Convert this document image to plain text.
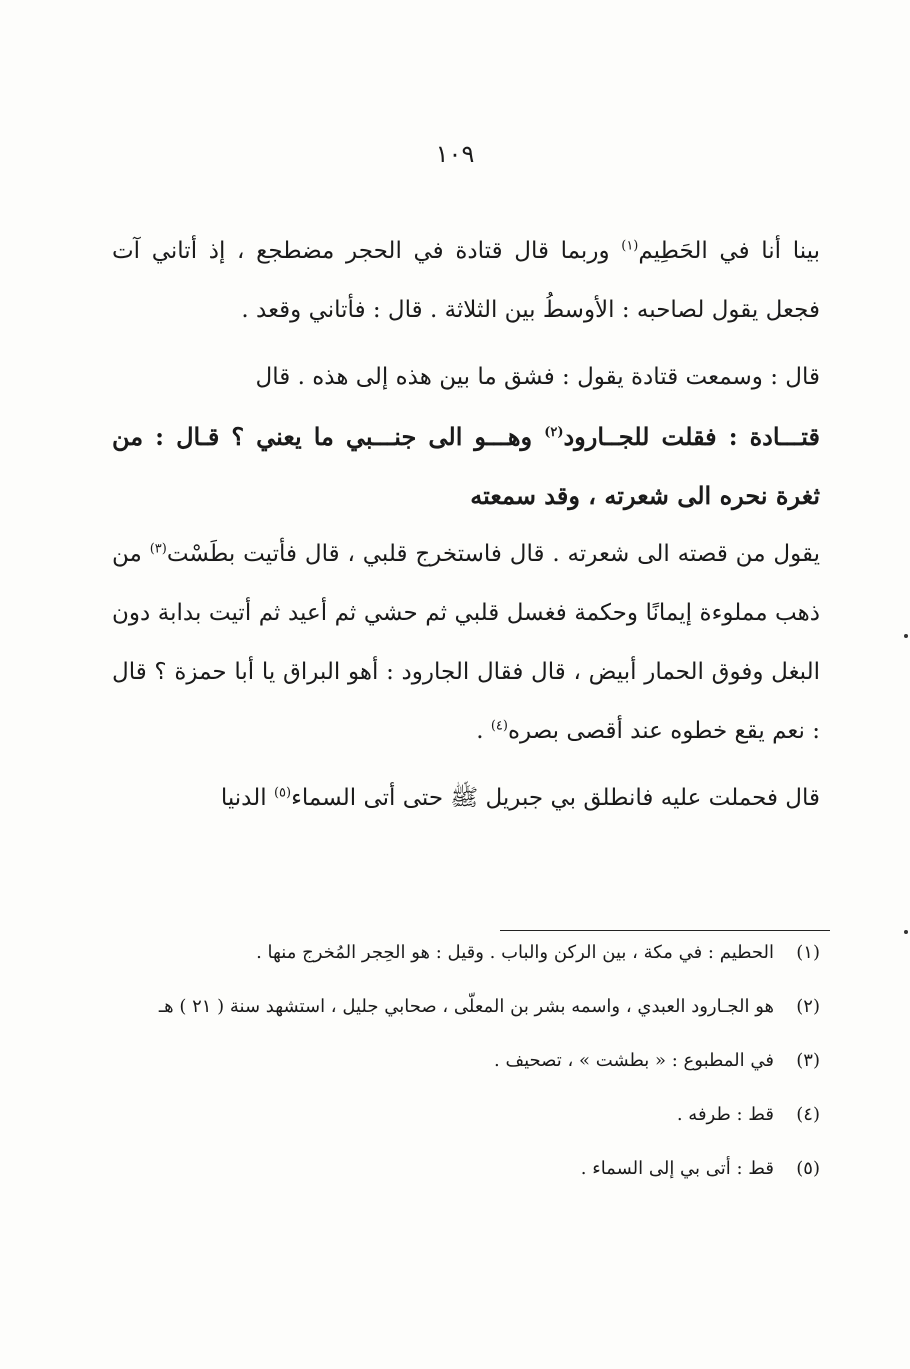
١٠٩

بينا أنا في الحَطِيم$^{(١)}$ وربما قال قتادة في الحجر مضطجع ، إذ أتاني آت فجعل يقول لصاحبه : الأوسطُ بين الثلاثة . قال : فأتاني وقعد .

قال : وسمعت قتادة يقول : فشق ما بين هذه إلى هذه . قال

قتـــادة : فقلت للجــارود$^{(٢)}$ وهـــو الى جنـــبي ما يعني ؟ قـال : من ثغرة نحره الى شعرته ، وقد سمعته

يقول من قصته الى شعرته . قال فاستخرج قلبي ، قال فأتيت بطَسْت$^{(٣)}$ من ذهب مملوءة إيمانًا وحكمة فغسل قلبي ثم حشي ثم أعيد ثم أتيت بدابة دون البغل وفوق الحمار أبيض ، قال فقال الجارود : أهو البراق يا أبا حمزة ؟ قال : نعم يقع خطوه عند أقصى بصره$^{(٤)}$ .

قال فحملت عليه فانطلق بي جبريل ﷺ حتى أتى السماء$^{(٥)}$ الدنيا

(١)
الحطيم : في مكة ، بين الركن والباب . وقيل : هو الحِجر المُخرج منها .
(٢)
هو الجـارود العبدي ، واسمه بشر بن المعلّى ، صحابي جليل ، استشهد سنة ( ٢١ ) هـ
(٣)
في المطبوع : « بطشت » ، تصحيف .
(٤)
قط : طرفه .
(٥)
قط : أتى بي إلى السماء .
